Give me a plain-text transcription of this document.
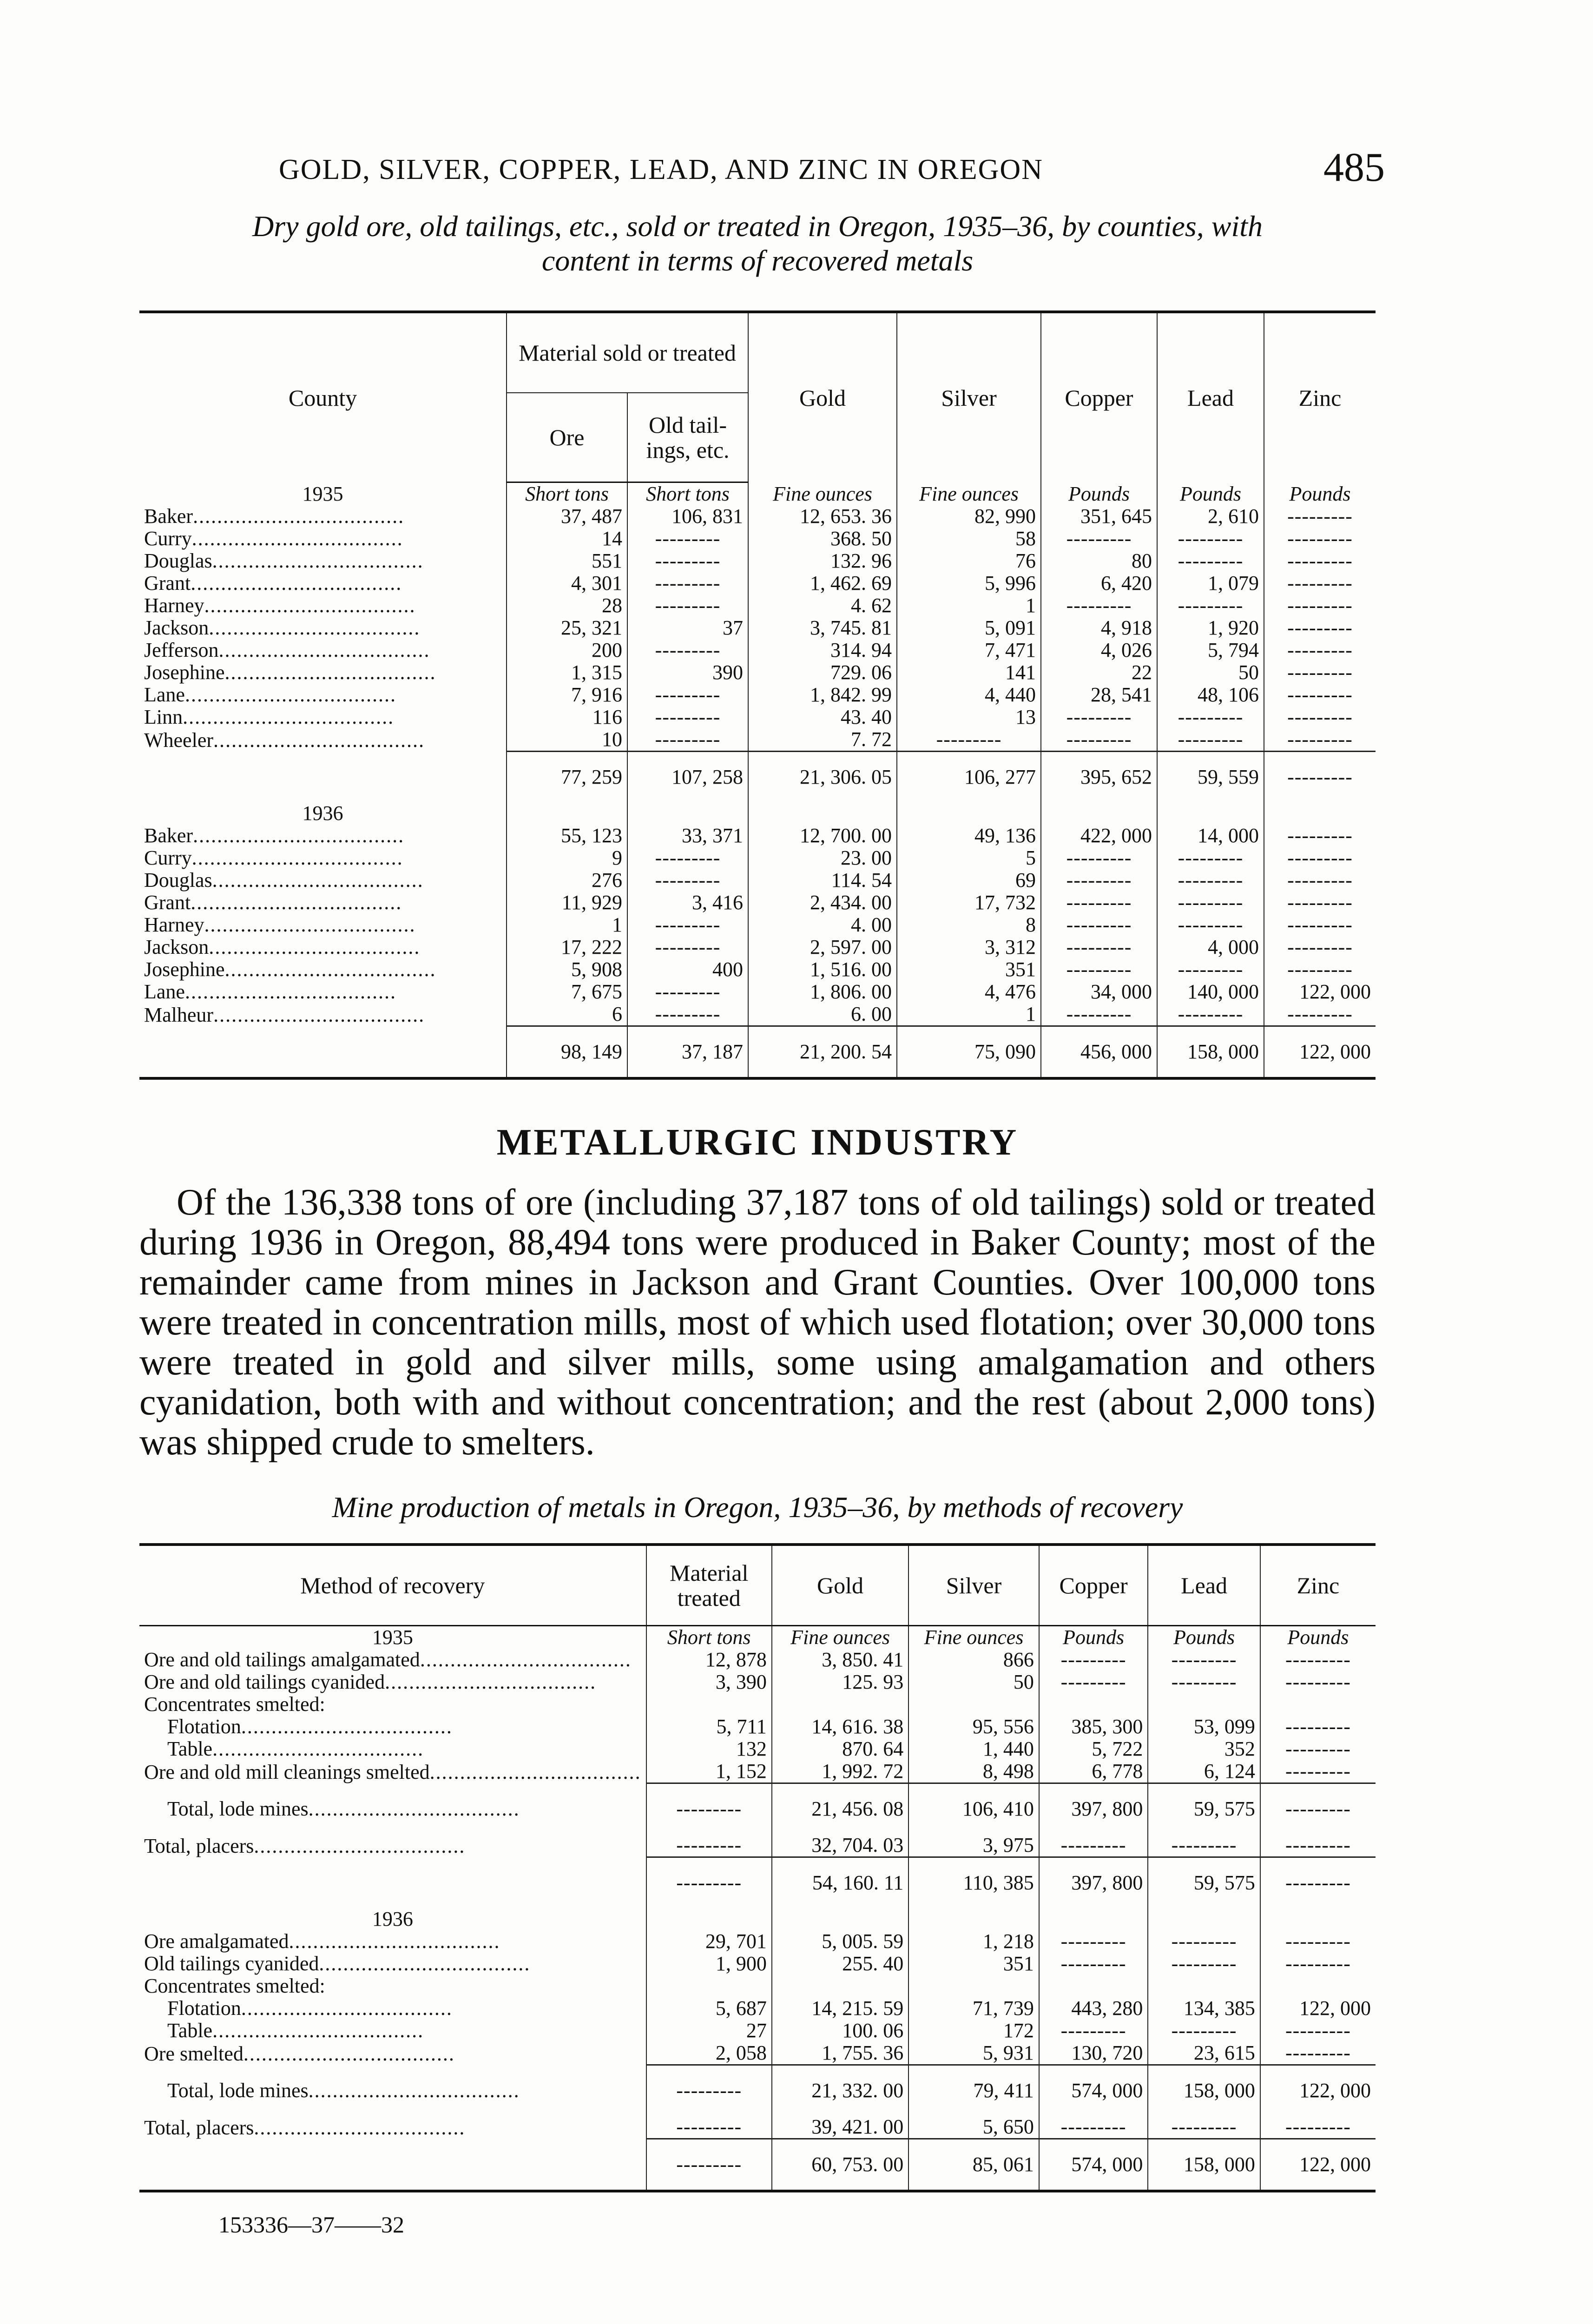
GOLD, SILVER, COPPER, LEAD, AND ZINC IN OREGON	485
Dry gold ore, old tailings, etc., sold or treated in Oregon, 1935–36, by counties, with
content in terms of recovered metals
County	Material sold or treated		Gold	Silver	Copper	Lead	Zinc
	Ore	Old tail- ings, etc.					
1935	Short tons	Short tons	Fine ounces	Fine ounces	Pounds	Pounds	Pounds
Baker...................................	37, 487	106, 831	12, 653. 36	82, 990	351, 645	2, 610	---------
Curry...................................	14	---------	368. 50	58	---------	---------	---------
Douglas...................................	551	---------	132. 96	76	80	---------	---------
Grant...................................	4, 301	---------	1, 462. 69	5, 996	6, 420	1, 079	---------
Harney...................................	28	---------	4. 62	1	---------	---------	---------
Jackson...................................	25, 321	37	3, 745. 81	5, 091	4, 918	1, 920	---------
Jefferson...................................	200	---------	314. 94	7, 471	4, 026	5, 794	---------
Josephine...................................	1, 315	390	729. 06	141	22	50	---------
Lane...................................	7, 916	---------	1, 842. 99	4, 440	28, 541	48, 106	---------
Linn...................................	116	---------	43. 40	13	---------	---------	---------
Wheeler...................................	10	---------	7. 72	---------	---------	---------	---------
	77, 259	107, 258	21, 306. 05	106, 277	395, 652	59, 559	---------
1936							
Baker...................................	55, 123	33, 371	12, 700. 00	49, 136	422, 000	14, 000	---------
Curry...................................	9	---------	23. 00	5	---------	---------	---------
Douglas...................................	276	---------	114. 54	69	---------	---------	---------
Grant...................................	11, 929	3, 416	2, 434. 00	17, 732	---------	---------	---------
Harney...................................	1	---------	4. 00	8	---------	---------	---------
Jackson...................................	17, 222	---------	2, 597. 00	3, 312	---------	4, 000	---------
Josephine...................................	5, 908	400	1, 516. 00	351	---------	---------	---------
Lane...................................	7, 675	---------	1, 806. 00	4, 476	34, 000	140, 000	122, 000
Malheur...................................	6	---------	6. 00	1	---------	---------	---------
	98, 149	37, 187	21, 200. 54	75, 090	456, 000	158, 000	122, 000
METALLURGIC INDUSTRY
Of the 136,338 tons of ore (including 37,187 tons of old tailings) sold or treated during 1936 in Oregon, 88,494 tons were produced in Baker County; most of the remainder came from mines in Jackson and Grant Counties. Over 100,000 tons were treated in concentration mills, most of which used flotation; over 30,000 tons were treated in gold and silver mills, some using amalgamation and others cyanidation, both with and without concentration; and the rest (about 2,000 tons) was shipped crude to smelters.
Mine production of metals in Oregon, 1935–36, by methods of recovery
Method of recovery	Material treated	Gold	Silver	Copper	Lead	Zinc
1935	Short tons	Fine ounces	Fine ounces	Pounds	Pounds	Pounds
Ore and old tailings amalgamated...................................	12, 878	3, 850. 41	866	---------	---------	---------
Ore and old tailings cyanided...................................	3, 390	125. 93	50	---------	---------	---------
Concentrates smelted:						
Flotation...................................	5, 711	14, 616. 38	95, 556	385, 300	53, 099	---------
Table...................................	132	870. 64	1, 440	5, 722	352	---------
Ore and old mill cleanings smelted...................................	1, 152	1, 992. 72	8, 498	6, 778	6, 124	---------
Total, lode mines...................................	---------	21, 456. 08	106, 410	397, 800	59, 575	---------
Total, placers...................................	---------	32, 704. 03	3, 975	---------	---------	---------
	---------	54, 160. 11	110, 385	397, 800	59, 575	---------
1936						
Ore amalgamated...................................	29, 701	5, 005. 59	1, 218	---------	---------	---------
Old tailings cyanided...................................	1, 900	255. 40	351	---------	---------	---------
Concentrates smelted:						
Flotation...................................	5, 687	14, 215. 59	71, 739	443, 280	134, 385	122, 000
Table...................................	27	100. 06	172	---------	---------	---------
Ore smelted...................................	2, 058	1, 755. 36	5, 931	130, 720	23, 615	---------
Total, lode mines...................................	---------	21, 332. 00	79, 411	574, 000	158, 000	122, 000
Total, placers...................................	---------	39, 421. 00	5, 650	---------	---------	---------
	---------	60, 753. 00	85, 061	574, 000	158, 000	122, 000
153336—37——32
